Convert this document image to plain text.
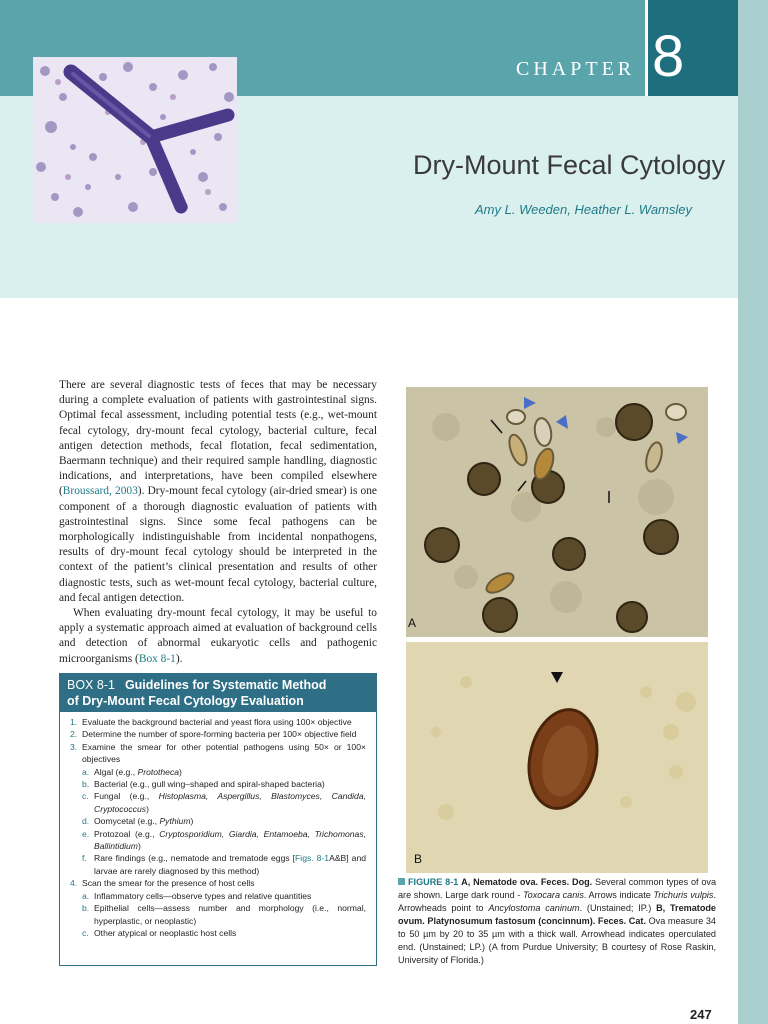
CHAPTER 8
Dry-Mount Fecal Cytology
Amy L. Weeden, Heather L. Wamsley

There are several diagnostic tests of feces that may be necessary during a complete evaluation of patients with gastrointestinal signs. Optimal fecal assessment, including potential tests (e.g., wet-mount fecal cytology, dry-mount fecal cytology, bacterial culture, fecal antigen detection methods, fecal flotation, fecal sedimentation, Baermann technique) and their required sample handling, diagnostic indications, and interpretations, have been compiled elsewhere (Broussard, 2003). Dry-mount fecal cytology (air-dried smear) is one component of a thorough diagnostic evaluation of patients with gastrointestinal signs. Since some fecal pathogens can be morphologically indistinguishable from incidental nonpathogens, results of dry-mount fecal cytology should be interpreted in the context of the patient’s clinical presentation and results of other diagnostic tests, such as wet-mount fecal cytology, bacterial culture, and fecal antigen detection.

When evaluating dry-mount fecal cytology, it may be useful to apply a systematic approach aimed at evaluation of background cells and detection of abnormal eukaryotic cells and pathogenic microorganisms (Box 8-1).

BOX 8-1 Guidelines for Systematic Method
of Dry-Mount Fecal Cytology Evaluation
1. Evaluate the background bacterial and yeast flora using 100× objective
2. Determine the number of spore-forming bacteria per 100× objective field
3. Examine the smear for other potential pathogens using 50× or 100× objectives
a. Algal (e.g., Prototheca)
b. Bacterial (e.g., gull wing–shaped and spiral-shaped bacteria)
c. Fungal (e.g., Histoplasma, Aspergillus, Blastomyces, Candida, Cryptococcus)
d. Oomycetal (e.g., Pythium)
e. Protozoal (e.g., Cryptosporidium, Giardia, Entamoeba, Trichomonas, Ballintidium)
f. Rare findings (e.g., nematode and trematode eggs [Figs. 8-1A&B] and larvae are rarely diagnosed by this method)
4. Scan the smear for the presence of host cells
a. Inflammatory cells—observe types and relative quantities
b. Epithelial cells—assess number and morphology (i.e., normal, hyperplastic, or neoplastic)
c. Other atypical or neoplastic host cells
A
B
FIGURE 8-1 A, Nematode ova. Feces. Dog. Several common types of ova are shown. Large dark round - Toxocara canis. Arrows indicate Trichuris vulpis. Arrowheads point to Ancylostoma caninum. (Unstained; IP.) B, Trematode ovum. Platynosumum fastosum (concinnum). Feces. Cat. Ova measure 34 to 50 µm by 20 to 35 µm with a thick wall. Arrowhead indicates operculated end. (Unstained; LP.) (A from Purdue University; B courtesy of Rose Raskin, University of Florida.)
247
